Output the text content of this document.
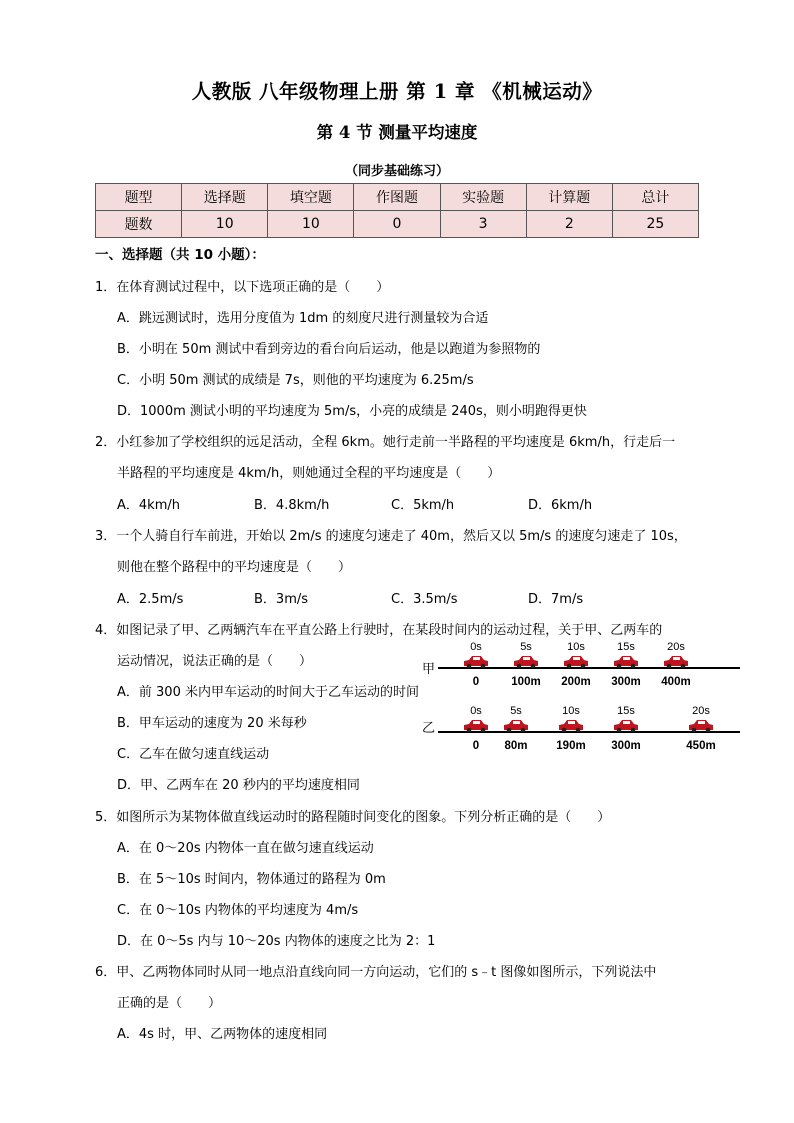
人教版 八年级物理上册 第 1 章 《机械运动》
第 4 节 测量平均速度
（同步基础练习）
题型	选择题	填空题	作图题	实验题	计算题	总计
题数	10	10	0	3	2	25
一、选择题（共 10 小题）：
1．在体育测试过程中，以下选项正确的是（　　）
A．跳远测试时，选用分度值为 1dm 的刻度尺进行测量较为合适
B．小明在 50m 测试中看到旁边的看台向后运动，他是以跑道为参照物的
C．小明 50m 测试的成绩是 7s，则他的平均速度为 6.25m/s
D．1000m 测试小明的平均速度为 5m/s，小亮的成绩是 240s，则小明跑得更快
2．小红参加了学校组织的远足活动，全程 6km。她行走前一半路程的平均速度是 6km/h，行走后一
半路程的平均速度是 4km/h，则她通过全程的平均速度是（　　）
A．4km/h	B．4.8km/h	C．5km/h	D．6km/h
3．一个人骑自行车前进，开始以 2m/s 的速度匀速走了 40m，然后又以 5m/s 的速度匀速走了 10s，
则他在整个路程中的平均速度是（　　）
A．2.5m/s	B．3m/s	C．3.5m/s	D．7m/s
4．如图记录了甲、乙两辆汽车在平直公路上行驶时，在某段时间内的运动过程，关于甲、乙两车的
运动情况，说法正确的是（　　）
A．前 300 米内甲车运动的时间大于乙车运动的时间
B．甲车运动的速度为 20 米每秒
C．乙车在做匀速直线运动
D．甲、乙两车在 20 秒内的平均速度相同
甲
0s	5s	10s	15s	20s
0	100m 200m 300m 400m
乙
0s	5s	10s	15s	20s
0 80m	190m 300m	450m
5．如图所示为某物体做直线运动时的路程随时间变化的图象。下列分析正确的是（　　）
A．在 0～20s 内物体一直在做匀速直线运动
B．在 5～10s 时间内，物体通过的路程为 0m
C．在 0～10s 内物体的平均速度为 4m/s
D．在 0～5s 内与 10～20s 内物体的速度之比为 2：1
6．甲、乙两物体同时从同一地点沿直线向同一方向运动，它们的 s﹣t 图像如图所示，下列说法中
正确的是（　　）
A．4s 时，甲、乙两物体的速度相同
